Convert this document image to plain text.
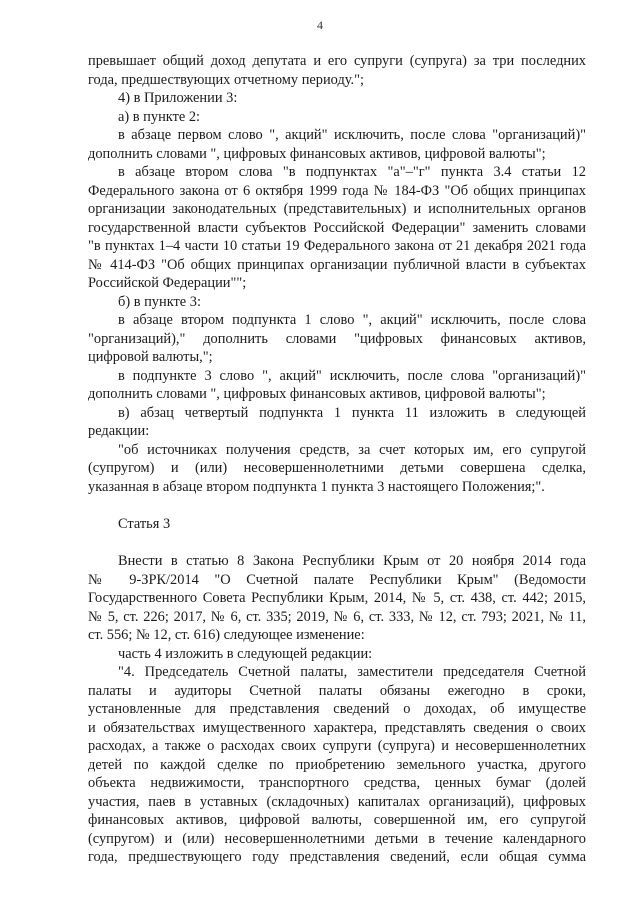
4
превышает общий доход депутата и его супруги (супруга) за три последних
года, предшествующих отчетному периоду.";
4) в Приложении 3:
а) в пункте 2:
в абзаце первом слово ", акций" исключить, после слова "организаций)"
дополнить словами ", цифровых финансовых активов, цифровой валюты";
в абзаце втором слова "в подпунктах "а"–"г" пункта 3.4 статьи 12
Федерального закона от 6 октября 1999 года № 184-ФЗ "Об общих принципах
организации законодательных (представительных) и исполнительных органов
государственной власти субъектов Российской Федерации" заменить словами
"в пунктах 1–4 части 10 статьи 19 Федерального закона от 21 декабря 2021 года
№ 414-ФЗ "Об общих принципах организации публичной власти в субъектах
Российской Федерации"";
б) в пункте 3:
в абзаце втором подпункта 1 слово ", акций" исключить, после слова
"организаций)," дополнить словами "цифровых финансовых активов,
цифровой валюты,";
в подпункте 3 слово ", акций" исключить, после слова "организаций)"
дополнить словами ", цифровых финансовых активов, цифровой валюты";
в) абзац четвертый подпункта 1 пункта 11 изложить в следующей
редакции:
"об источниках получения средств, за счет которых им, его супругой
(супругом) и (или) несовершеннолетними детьми совершена сделка,
указанная в абзаце втором подпункта 1 пункта 3 настоящего Положения;".
Статья 3
Внести в статью 8 Закона Республики Крым от 20 ноября 2014 года
№ 9-ЗРК/2014 "О Счетной палате Республики Крым" (Ведомости
Государственного Совета Республики Крым, 2014, № 5, ст. 438, ст. 442; 2015,
№ 5, ст. 226; 2017, № 6, ст. 335; 2019, № 6, ст. 333, № 12, ст. 793; 2021, № 11,
ст. 556; № 12, ст. 616) следующее изменение:
часть 4 изложить в следующей редакции:
"4. Председатель Счетной палаты, заместители председателя Счетной
палаты и аудиторы Счетной палаты обязаны ежегодно в сроки,
установленные для представления сведений о доходах, об имуществе
и обязательствах имущественного характера, представлять сведения о своих
расходах, а также о расходах своих супруги (супруга) и несовершеннолетних
детей по каждой сделке по приобретению земельного участка, другого
объекта недвижимости, транспортного средства, ценных бумаг (долей
участия, паев в уставных (складочных) капиталах организаций), цифровых
финансовых активов, цифровой валюты, совершенной им, его супругой
(супругом) и (или) несовершеннолетними детьми в течение календарного
года, предшествующего году представления сведений, если общая сумма
